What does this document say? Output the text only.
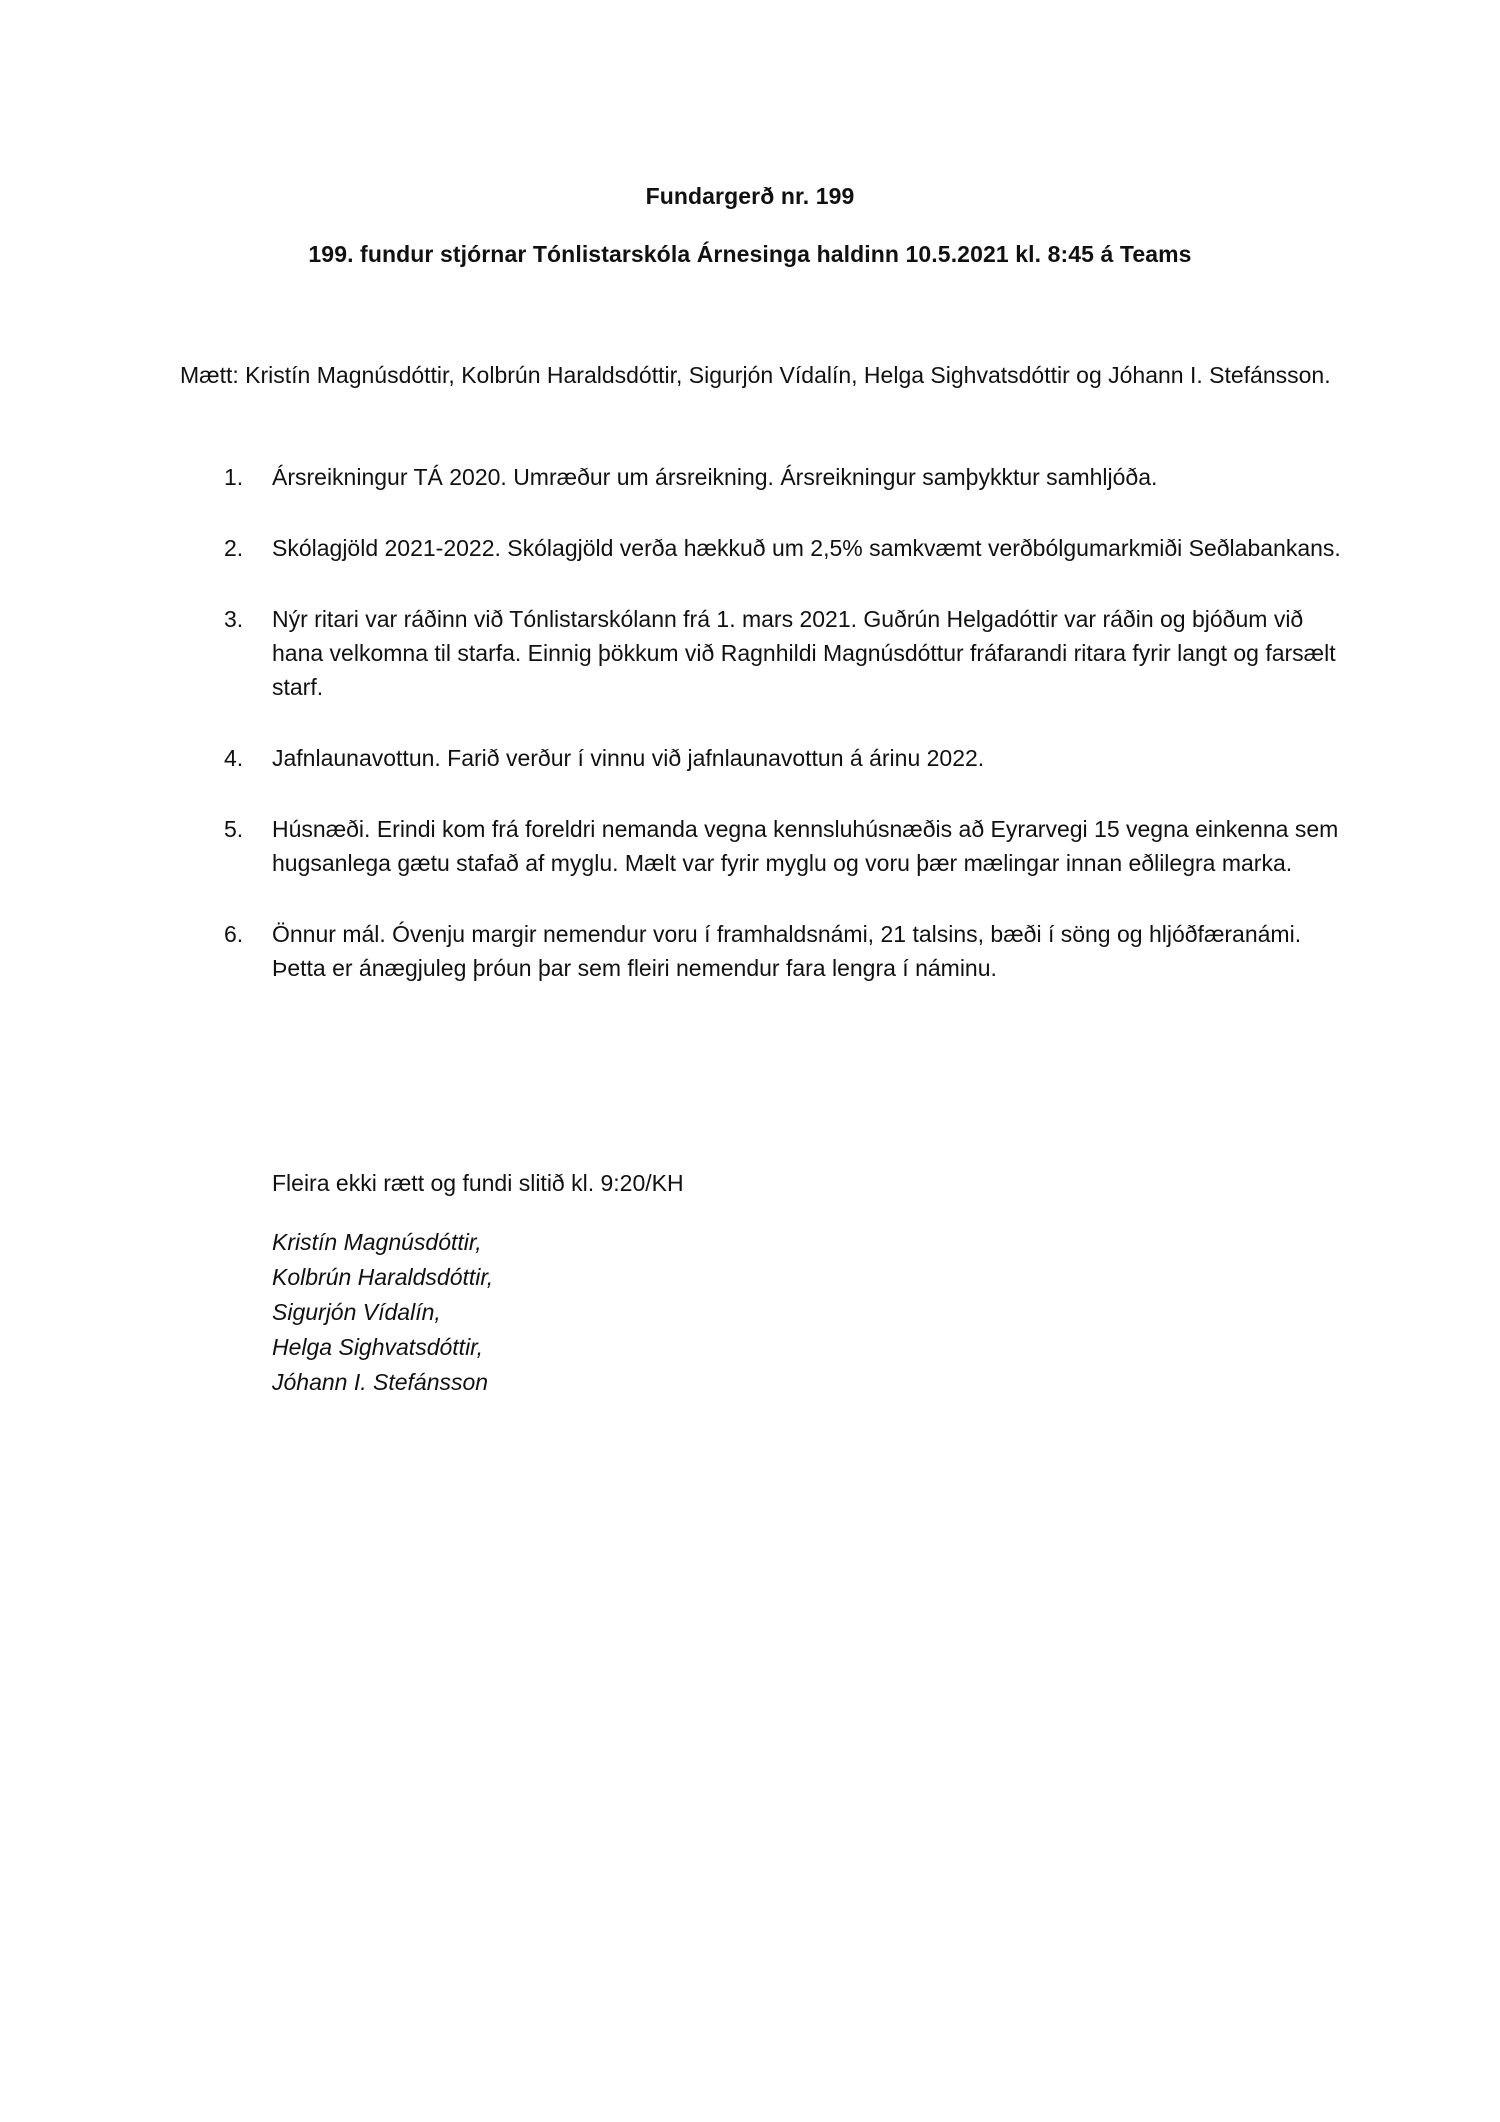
Fundargerð nr. 199
199. fundur stjórnar Tónlistarskóla Árnesinga haldinn 10.5.2021 kl. 8:45 á Teams
Mætt: Kristín Magnúsdóttir, Kolbrún Haraldsdóttir, Sigurjón Vídalín, Helga Sighvatsdóttir og Jóhann I. Stefánsson.
1. Ársreikningur TÁ 2020. Umræður um ársreikning. Ársreikningur samþykktur samhljóða.
2. Skólagjöld 2021-2022. Skólagjöld verða hækkuð um 2,5% samkvæmt verðbólgumarkmiði Seðlabankans.
3. Nýr ritari var ráðinn við Tónlistarskólann frá 1. mars 2021. Guðrún Helgadóttir var ráðin og bjóðum við hana velkomna til starfa. Einnig þökkum við Ragnhildi Magnúsdóttur fráfarandi ritara fyrir langt og farsælt starf.
4. Jafnlaunavottun. Farið verður í vinnu við jafnlaunavottun á árinu 2022.
5. Húsnæði. Erindi kom frá foreldri nemanda vegna kennsluhúsnæðis að Eyrarvegi 15 vegna einkenna sem hugsanlega gætu stafað af myglu. Mælt var fyrir myglu og voru þær mælingar innan eðlilegra marka.
6. Önnur mál. Óvenju margir nemendur voru í framhaldsnámi, 21 talsins, bæði í söng og hljóðfæranámi. Þetta er ánægjuleg þróun þar sem fleiri nemendur fara lengra í náminu.
Fleira ekki rætt og fundi slitið kl. 9:20/KH
Kristín Magnúsdóttir,
Kolbrún Haraldsdóttir,
Sigurjón Vídalín,
Helga Sighvatsdóttir,
Jóhann I. Stefánsson
